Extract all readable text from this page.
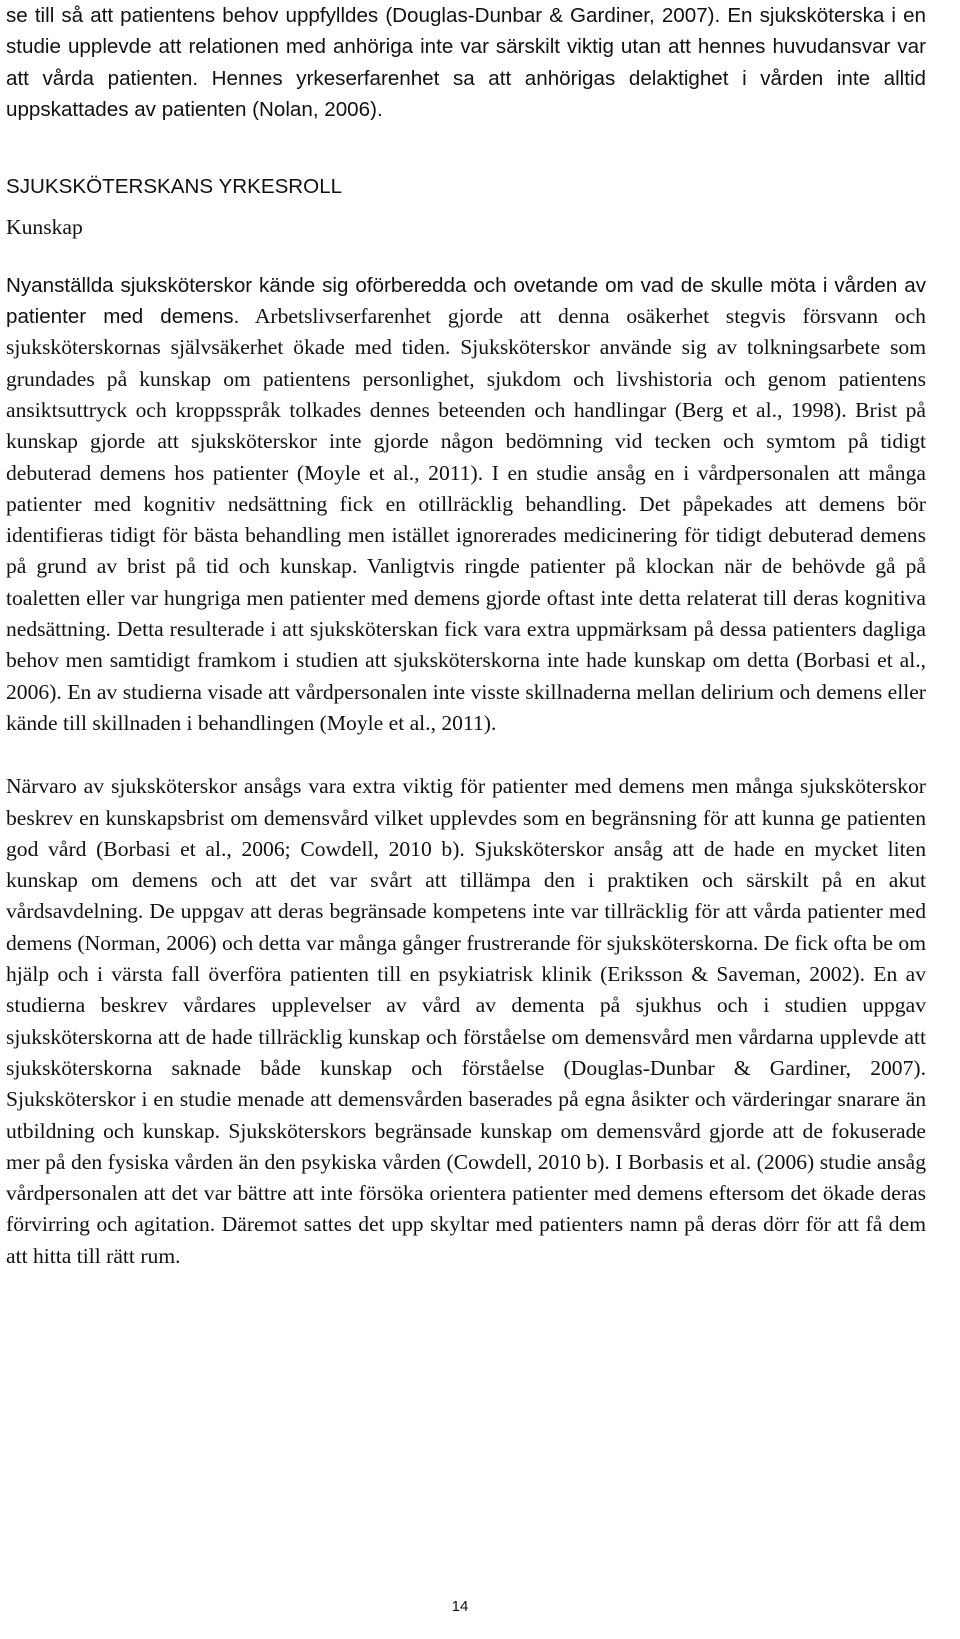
se till så att patientens behov uppfylldes (Douglas-Dunbar & Gardiner, 2007). En sjuksköterska i en studie upplevde att relationen med anhöriga inte var särskilt viktig utan att hennes huvudansvar var att vårda patienten. Hennes yrkeserfarenhet sa att anhörigas delaktighet i vården inte alltid uppskattades av patienten (Nolan, 2006).

SJUKSKÖTERSKANS YRKESROLL
Kunskap

Nyanställda sjuksköterskor kände sig oförberedda och ovetande om vad de skulle möta i vården av patienter med demens. Arbetslivserfarenhet gjorde att denna osäkerhet stegvis försvann och sjuksköterskornas självsäkerhet ökade med tiden. Sjuksköterskor använde sig av tolkningsarbete som grundades på kunskap om patientens personlighet, sjukdom och livshistoria och genom patientens ansiktsuttryck och kroppsspråk tolkades dennes beteenden och handlingar (Berg et al., 1998). Brist på kunskap gjorde att sjuksköterskor inte gjorde någon bedömning vid tecken och symtom på tidigt debuterad demens hos patienter (Moyle et al., 2011). I en studie ansåg en i vårdpersonalen att många patienter med kognitiv nedsättning fick en otillräcklig behandling. Det påpekades att demens bör identifieras tidigt för bästa behandling men istället ignorerades medicinering för tidigt debuterad demens på grund av brist på tid och kunskap. Vanligtvis ringde patienter på klockan när de behövde gå på toaletten eller var hungriga men patienter med demens gjorde oftast inte detta relaterat till deras kognitiva nedsättning. Detta resulterade i att sjuksköterskan fick vara extra uppmärksam på dessa patienters dagliga behov men samtidigt framkom i studien att sjuksköterskorna inte hade kunskap om detta (Borbasi et al., 2006). En av studierna visade att vårdpersonalen inte visste skillnaderna mellan delirium och demens eller kände till skillnaden i behandlingen (Moyle et al., 2011).

Närvaro av sjuksköterskor ansågs vara extra viktig för patienter med demens men många sjuksköterskor beskrev en kunskapsbrist om demensvård vilket upplevdes som en begränsning för att kunna ge patienten god vård (Borbasi et al., 2006; Cowdell, 2010 b). Sjuksköterskor ansåg att de hade en mycket liten kunskap om demens och att det var svårt att tillämpa den i praktiken och särskilt på en akut vårdsavdelning. De uppgav att deras begränsade kompetens inte var tillräcklig för att vårda patienter med demens (Norman, 2006) och detta var många gånger frustrerande för sjuksköterskorna. De fick ofta be om hjälp och i värsta fall överföra patienten till en psykiatrisk klinik (Eriksson & Saveman, 2002). En av studierna beskrev vårdares upplevelser av vård av dementa på sjukhus och i studien uppgav sjuksköterskorna att de hade tillräcklig kunskap och förståelse om demensvård men vårdarna upplevde att sjuksköterskorna saknade både kunskap och förståelse (Douglas-Dunbar & Gardiner, 2007). Sjuksköterskor i en studie menade att demensvården baserades på egna åsikter och värderingar snarare än utbildning och kunskap. Sjuksköterskors begränsade kunskap om demensvård gjorde att de fokuserade mer på den fysiska vården än den psykiska vården (Cowdell, 2010 b). I Borbasis et al. (2006) studie ansåg vårdpersonalen att det var bättre att inte försöka orientera patienter med demens eftersom det ökade deras förvirring och agitation. Däremot sattes det upp skyltar med patienters namn på deras dörr för att få dem att hitta till rätt rum.

14
